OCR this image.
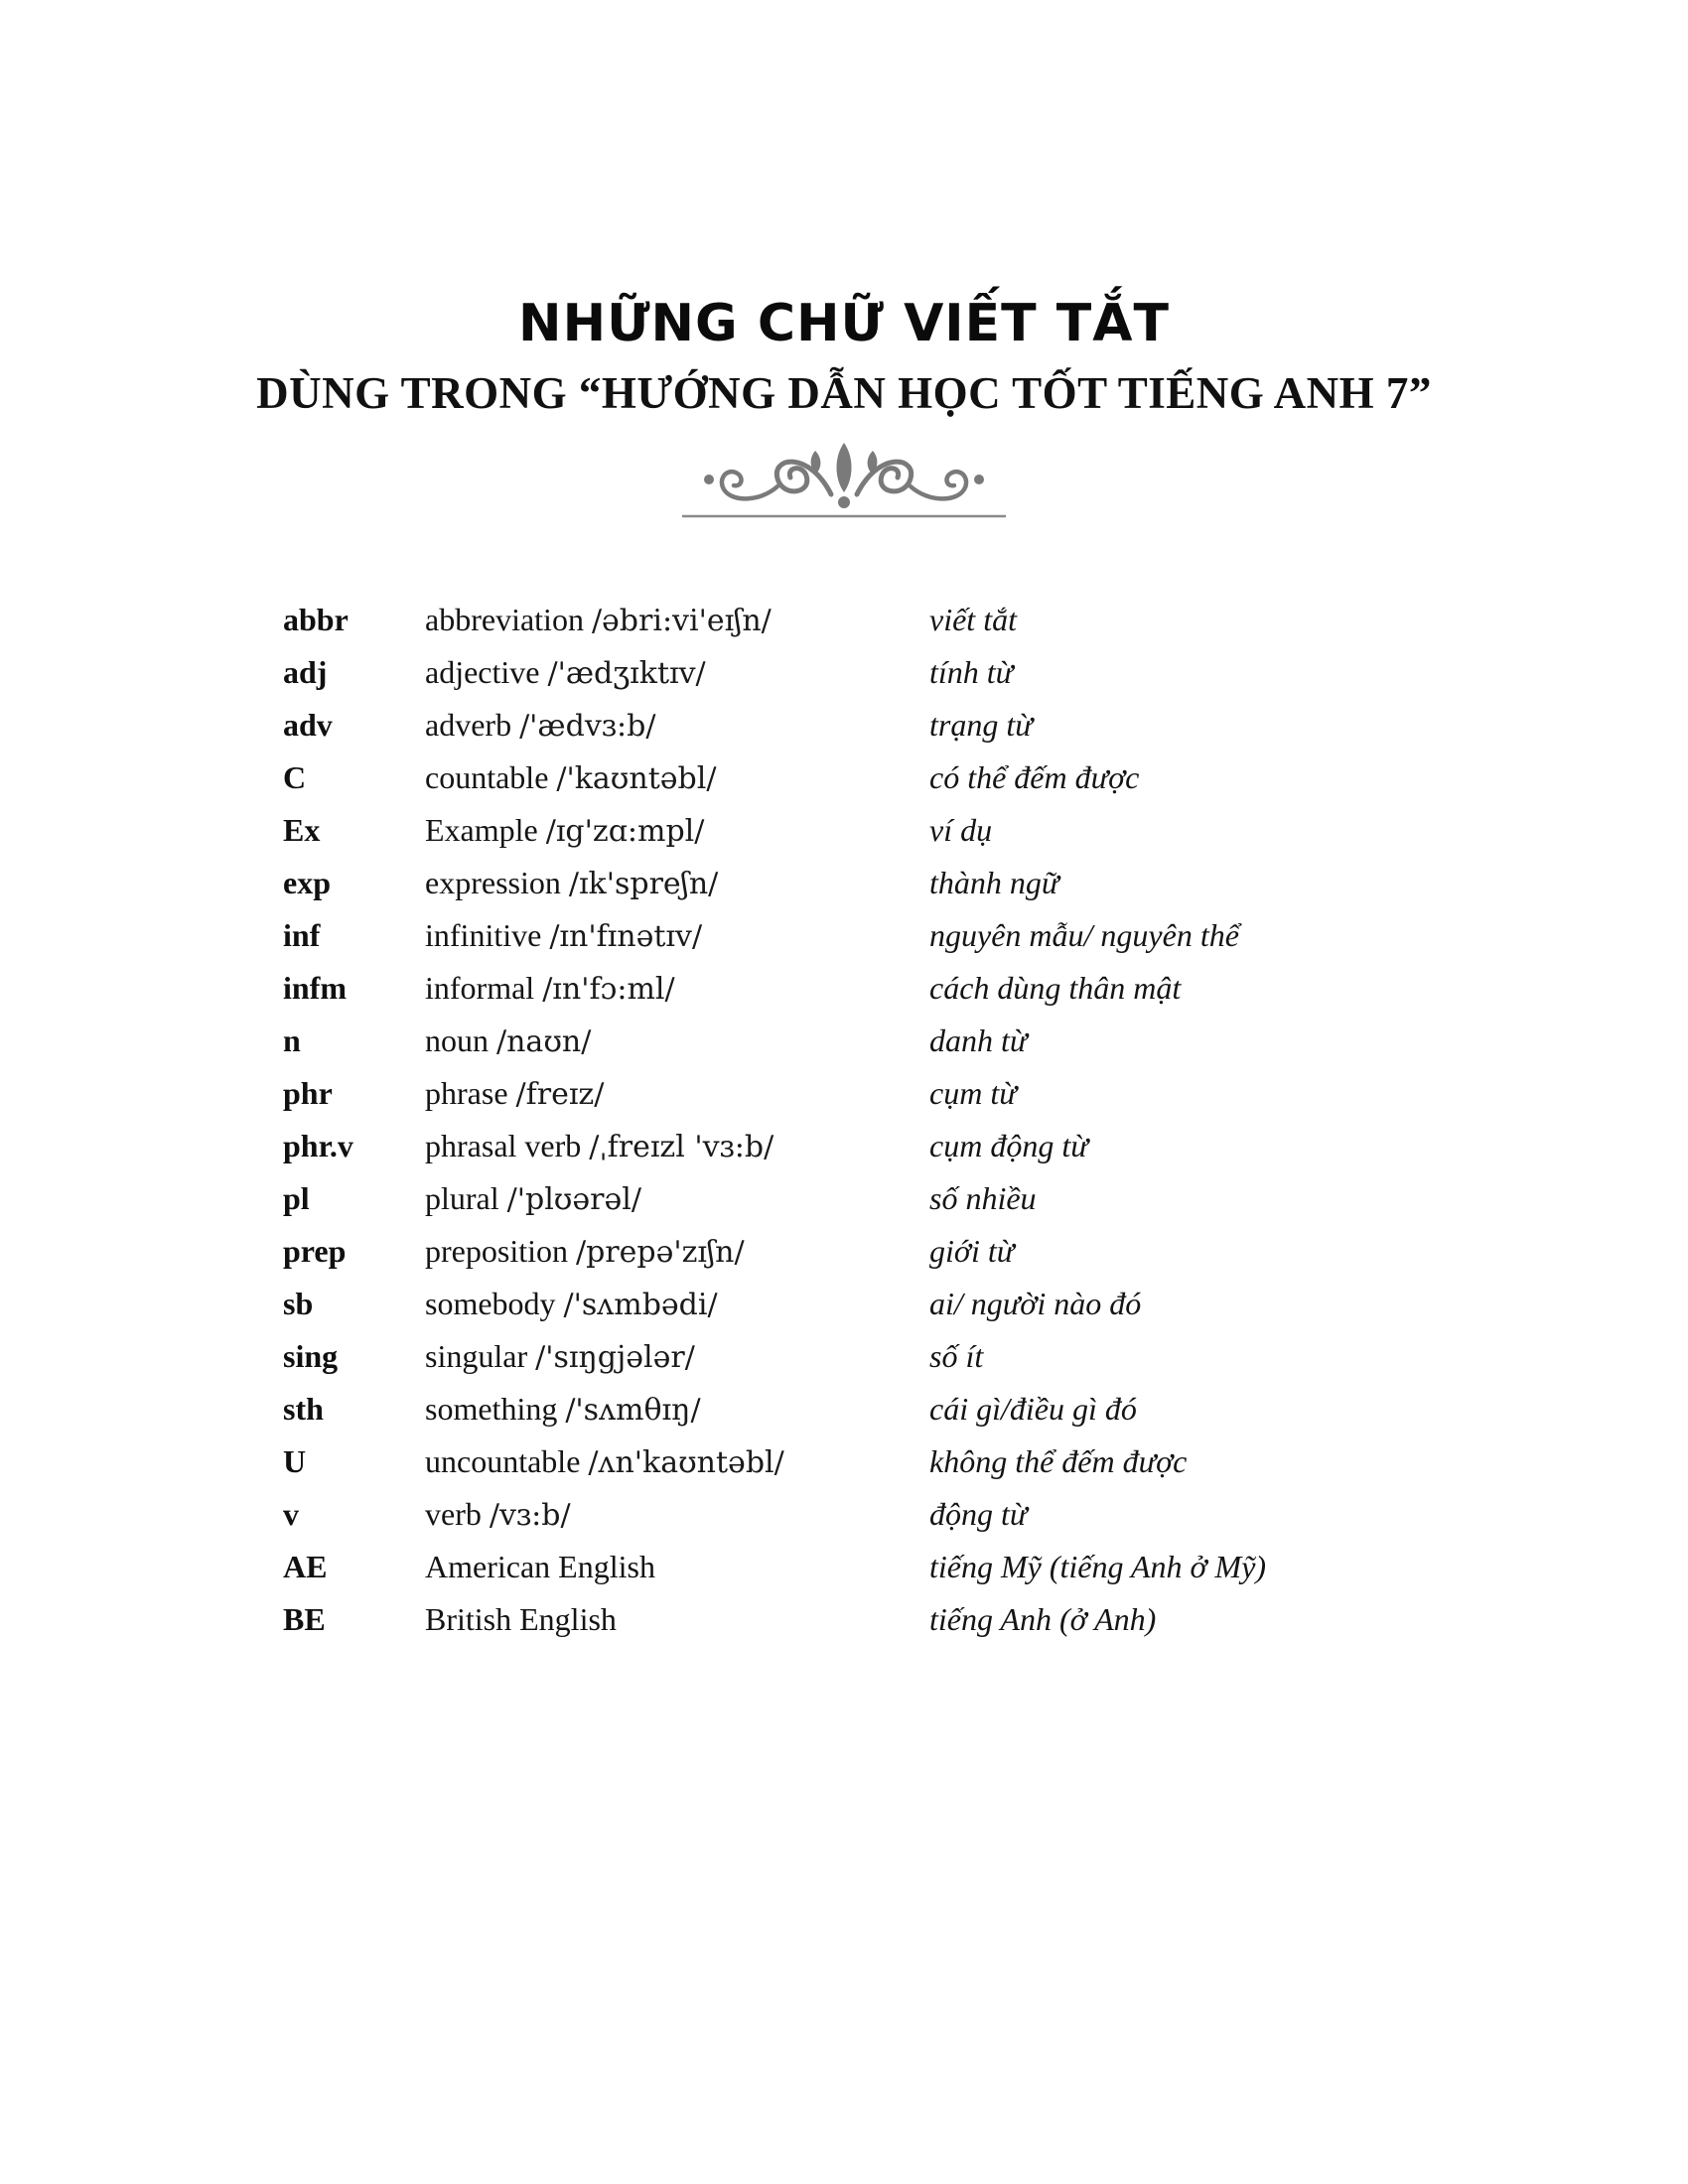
NHỮNG CHỮ VIẾT TẮT
DÙNG TRONG “HƯỚNG DẪN HỌC TỐT TIẾNG ANH 7”
abbr	abbreviation /əbri:vi'eɪʃn/	viết tắt
adj	adjective /'ædʒɪktɪv/	tính từ
adv	adverb /'ædvɜ:b/	trạng từ
C	countable /'kaʊntəbl/	có thể đếm được
Ex	Example /ɪg'zɑ:mpl/	ví dụ
exp	expression /ɪk'spreʃn/	thành ngữ
inf	infinitive /ɪn'fɪnətɪv/	nguyên mẫu/ nguyên thể
infm	informal /ɪn'fɔ:ml/	cách dùng thân mật
n	noun /naʊn/	danh từ
phr	phrase /freɪz/	cụm từ
phr.v	phrasal verb /ˌfreɪzl 'vɜ:b/	cụm động từ
pl	plural /'plʊərəl/	số nhiều
prep	preposition /prepə'zɪʃn/	giới từ
sb	somebody /'sʌmbədi/	ai/ người nào đó
sing	singular /'sɪŋgjələr/	số ít
sth	something /'sʌmθɪŋ/	cái gì/điều gì đó
U	uncountable /ʌn'kaʊntəbl/	không thể đếm được
v	verb /vɜ:b/	động từ
AE	American English	tiếng Mỹ (tiếng Anh ở Mỹ)
BE	British English	tiếng Anh (ở Anh)
